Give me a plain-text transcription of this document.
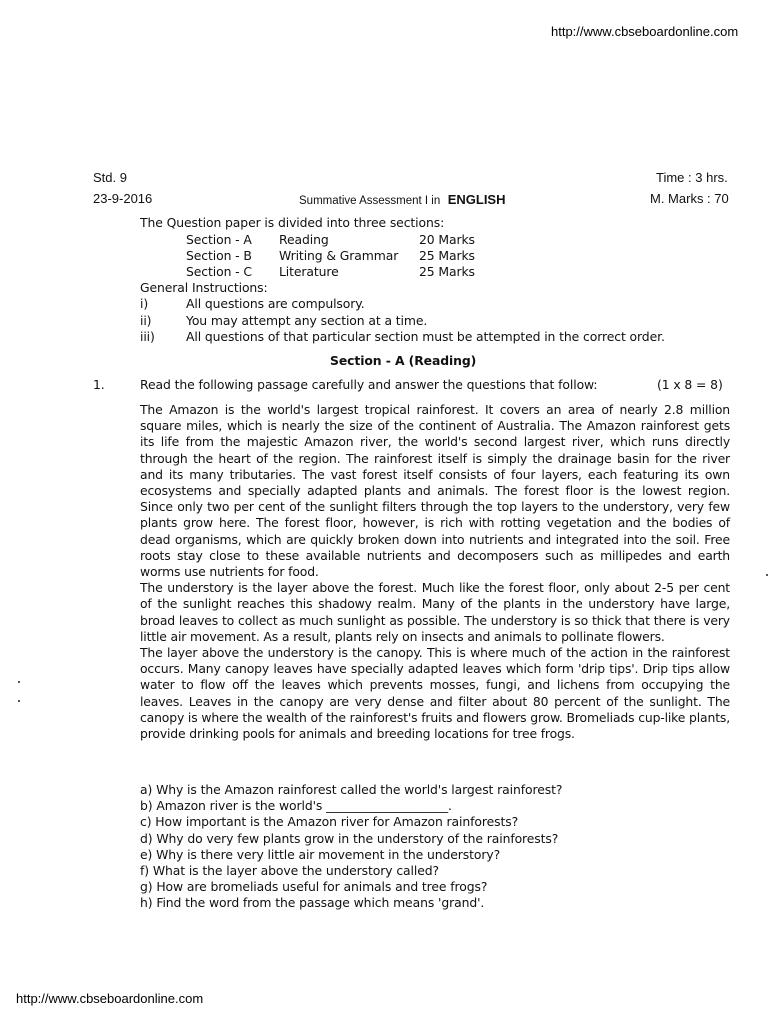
http://www.cbseboardonline.com
Std. 9	Time : 3 hrs.
23-9-2016	Summative Assessment I in ENGLISH	M. Marks : 70
The Question paper is divided into three sections:
Section - A Reading	20 Marks
Section - B Writing & Grammar 25 Marks
Section - C Literature	25 Marks
General Instructions:
i)	All questions are compulsory.
ii)	You may attempt any section at a time.
iii)	All questions of that particular section must be attempted in the correct order.
Section - A (Reading)
1.	Read the following passage carefully and answer the questions that follow:	(1 x 8 = 8)

The Amazon is the world's largest tropical rainforest. It covers an area of nearly 2.8 million square miles, which is nearly the size of the continent of Australia. The Amazon rainforest gets its life from the majestic Amazon river, the world's second largest river, which runs directly through the heart of the region. The rainforest itself is simply the drainage basin for the river and its many tributaries. The vast forest itself consists of four layers, each featuring its own ecosystems and specially adapted plants and animals. The forest floor is the lowest region. Since only two per cent of the sunlight filters through the top layers to the understory, very few plants grow here. The forest floor, however, is rich with rotting vegetation and the bodies of dead organisms, which are quickly broken down into nutrients and integrated into the soil. Free roots stay close to these available nutrients and decomposers such as millipedes and earth worms use nutrients for food.

The understory is the layer above the forest. Much like the forest floor, only about 2-5 per cent of the sunlight reaches this shadowy realm. Many of the plants in the understory have large, broad leaves to collect as much sunlight as possible. The understory is so thick that there is very little air movement. As a result, plants rely on insects and animals to pollinate flowers.

The layer above the understory is the canopy. This is where much of the action in the rainforest occurs. Many canopy leaves have specially adapted leaves which form 'drip tips'. Drip tips allow water to flow off the leaves which prevents mosses, fungi, and lichens from occupying the leaves. Leaves in the canopy are very dense and filter about 80 percent of the sunlight. The canopy is where the wealth of the rainforest's fruits and flowers grow. Bromeliads cup-like plants, provide drinking pools for animals and breeding locations for tree frogs.

a) Why is the Amazon rainforest called the world's largest rainforest?
b) Amazon river is the world's ____________________.
c) How important is the Amazon river for Amazon rainforests?
d) Why do very few plants grow in the understory of the rainforests?
e) Why is there very little air movement in the understory?
f) What is the layer above the understory called?
g) How are bromeliads useful for animals and tree frogs?
h) Find the word from the passage which means 'grand'.
http://www.cbseboardonline.com
